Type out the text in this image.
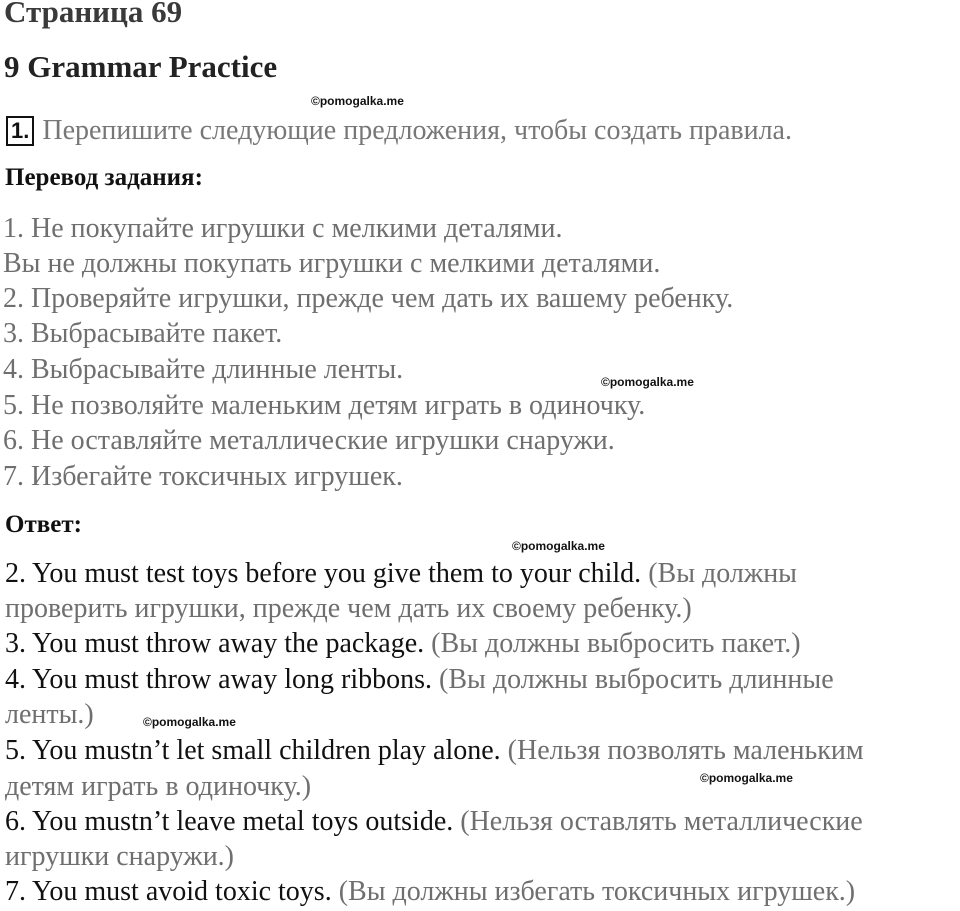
Страница 69
9 Grammar Practice
©pomogalka.me
1. Перепишите следующие предложения, чтобы создать правила.
Перевод задания:
1. Не покупайте игрушки с мелкими деталями.
Вы не должны покупать игрушки с мелкими деталями.
2. Проверяйте игрушки, прежде чем дать их вашему ребенку.
3. Выбрасывайте пакет.
4. Выбрасывайте длинные ленты.
5. Не позволяйте маленьким детям играть в одиночку.
6. Не оставляйте металлические игрушки снаружи.
7. Избегайте токсичных игрушек.
©pomogalka.me
Ответ:
©pomogalka.me
2. You must test toys before you give them to your child. (Вы должны
проверить игрушки, прежде чем дать их своему ребенку.)
3. You must throw away the package. (Вы должны выбросить пакет.)
4. You must throw away long ribbons. (Вы должны выбросить длинные
ленты.)	©pomogalka.me
5. You mustn’t let small children play alone. (Нельзя позволять маленьким
детям играть в одиночку.)	©pomogalka.me
6. You mustn’t leave metal toys outside. (Нельзя оставлять металлические
игрушки снаружи.)
7. You must avoid toxic toys. (Вы должны избегать токсичных игрушек.)
